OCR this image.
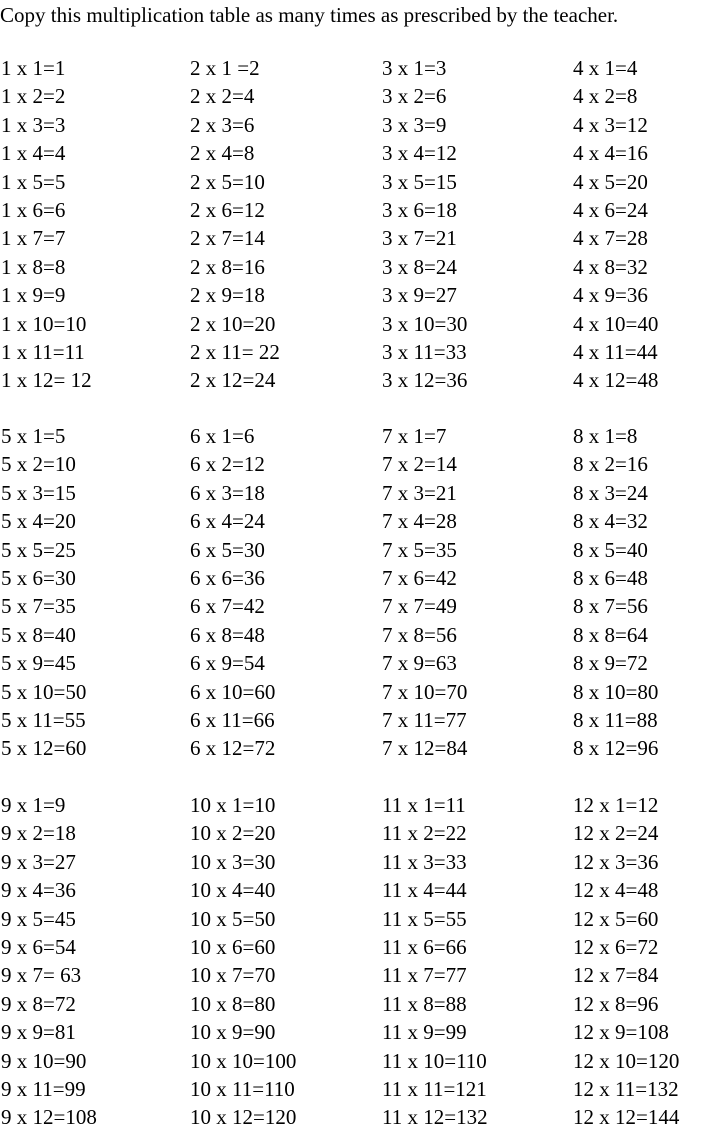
Copy this multiplication table as many times as prescribed by the teacher.
1 x 1=1
1 x 2=2
1 x 3=3
1 x 4=4
1 x 5=5
1 x 6=6
1 x 7=7
1 x 8=8
1 x 9=9
1 x 10=10
1 x 11=11
1 x 12= 12
2 x 1 =2
2 x 2=4
2 x 3=6
2 x 4=8
2 x 5=10
2 x 6=12
2 x 7=14
2 x 8=16
2 x 9=18
2 x 10=20
2 x 11= 22
2 x 12=24
3 x 1=3
3 x 2=6
3 x 3=9
3 x 4=12
3 x 5=15
3 x 6=18
3 x 7=21
3 x 8=24
3 x 9=27
3 x 10=30
3 x 11=33
3 x 12=36
4 x 1=4
4 x 2=8
4 x 3=12
4 x 4=16
4 x 5=20
4 x 6=24
4 x 7=28
4 x 8=32
4 x 9=36
4 x 10=40
4 x 11=44
4 x 12=48
5 x 1=5
5 x 2=10
5 x 3=15
5 x 4=20
5 x 5=25
5 x 6=30
5 x 7=35
5 x 8=40
5 x 9=45
5 x 10=50
5 x 11=55
5 x 12=60
6 x 1=6
6 x 2=12
6 x 3=18
6 x 4=24
6 x 5=30
6 x 6=36
6 x 7=42
6 x 8=48
6 x 9=54
6 x 10=60
6 x 11=66
6 x 12=72
7 x 1=7
7 x 2=14
7 x 3=21
7 x 4=28
7 x 5=35
7 x 6=42
7 x 7=49
7 x 8=56
7 x 9=63
7 x 10=70
7 x 11=77
7 x 12=84
8 x 1=8
8 x 2=16
8 x 3=24
8 x 4=32
8 x 5=40
8 x 6=48
8 x 7=56
8 x 8=64
8 x 9=72
8 x 10=80
8 x 11=88
8 x 12=96
9 x 1=9
9 x 2=18
9 x 3=27
9 x 4=36
9 x 5=45
9 x 6=54
9 x 7= 63
9 x 8=72
9 x 9=81
9 x 10=90
9 x 11=99
9 x 12=108
10 x 1=10
10 x 2=20
10 x 3=30
10 x 4=40
10 x 5=50
10 x 6=60
10 x 7=70
10 x 8=80
10 x 9=90
10 x 10=100
10 x 11=110
10 x 12=120
11 x 1=11
11 x 2=22
11 x 3=33
11 x 4=44
11 x 5=55
11 x 6=66
11 x 7=77
11 x 8=88
11 x 9=99
11 x 10=110
11 x 11=121
11 x 12=132
12 x 1=12
12 x 2=24
12 x 3=36
12 x 4=48
12 x 5=60
12 x 6=72
12 x 7=84
12 x 8=96
12 x 9=108
12 x 10=120
12 x 11=132
12 x 12=144
